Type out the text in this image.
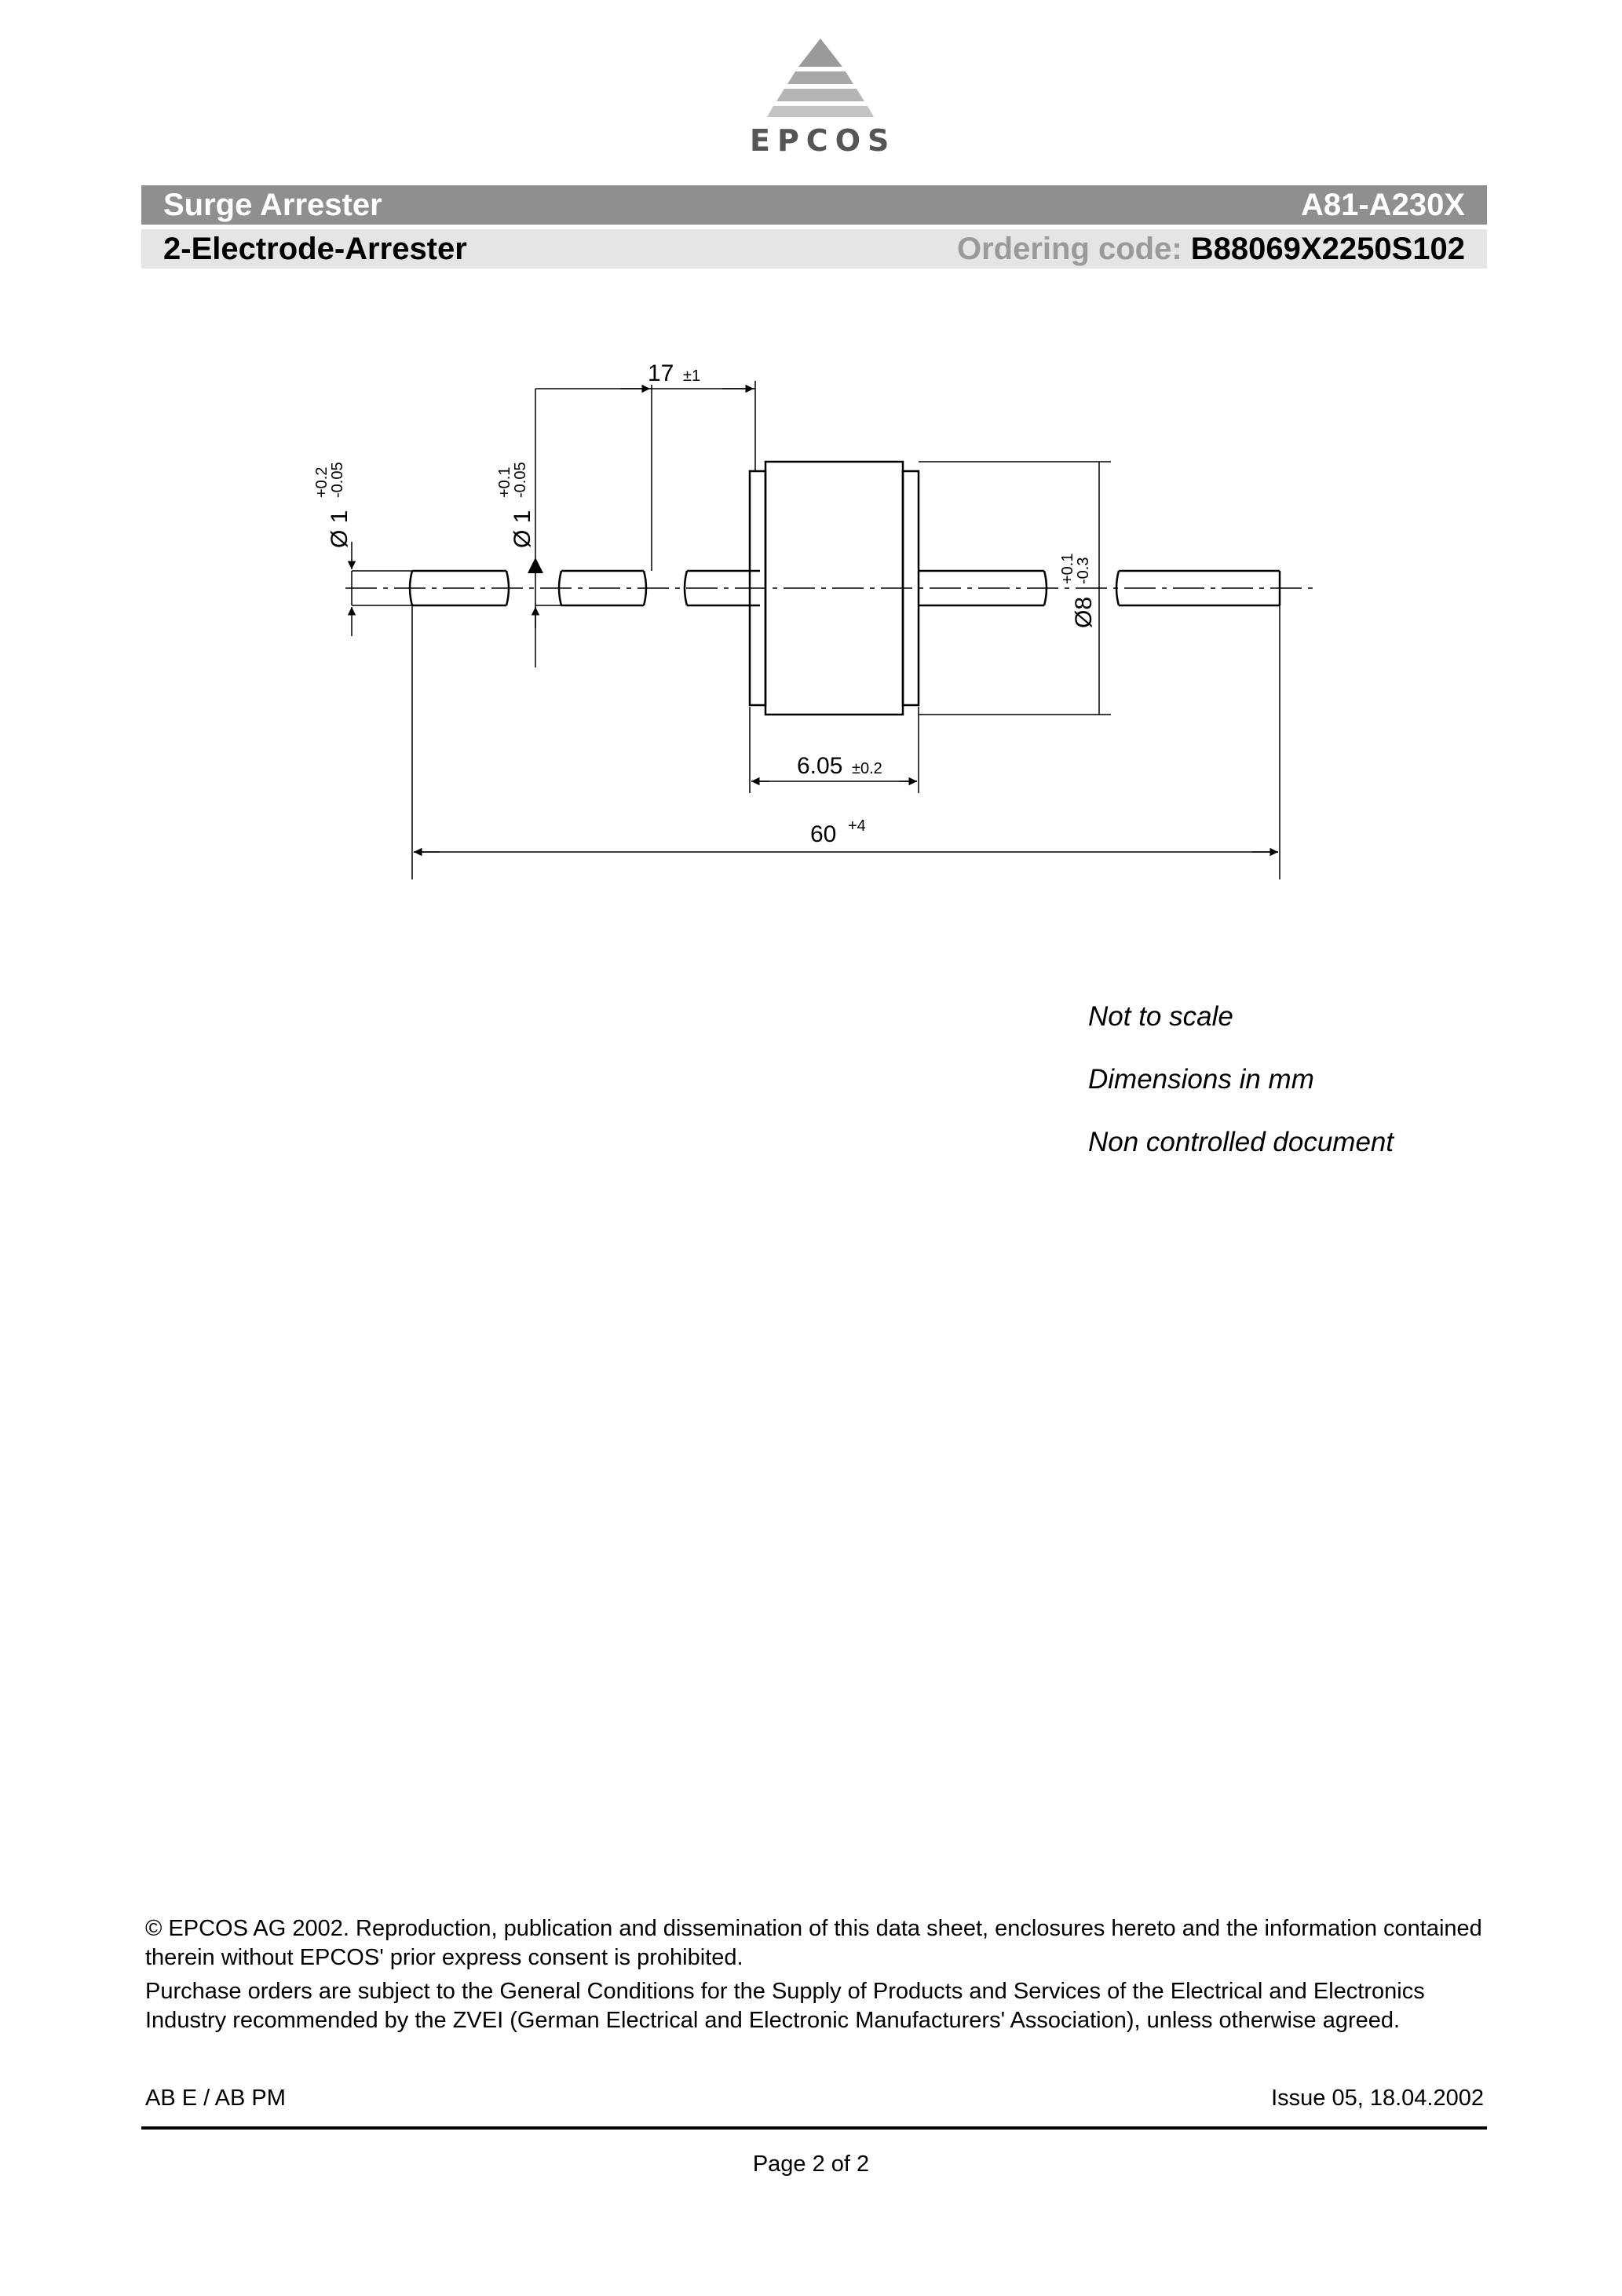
EPCOS
Surge Arrester	A81-A230X
2-Electrode-Arrester	Ordering code: B88069X2250S102
17 ±1
Ø 1
+0.2
-0.05
Ø 1
+0.1
-0.05
Ø8
+0.1
-0.3
6.05 ±0.2
60 +4
Not to scale
Dimensions in mm
Non controlled document
© EPCOS AG 2002. Reproduction, publication and dissemination of this data sheet, enclosures hereto and the information contained therein without EPCOS' prior express consent is prohibited.
Purchase orders are subject to the General Conditions for the Supply of Products and Services of the Electrical and Electronics Industry recommended by the ZVEI (German Electrical and Electronic Manufacturers' Association), unless otherwise agreed.
AB E / AB PM	Issue 05, 18.04.2002
Page 2 of 2
